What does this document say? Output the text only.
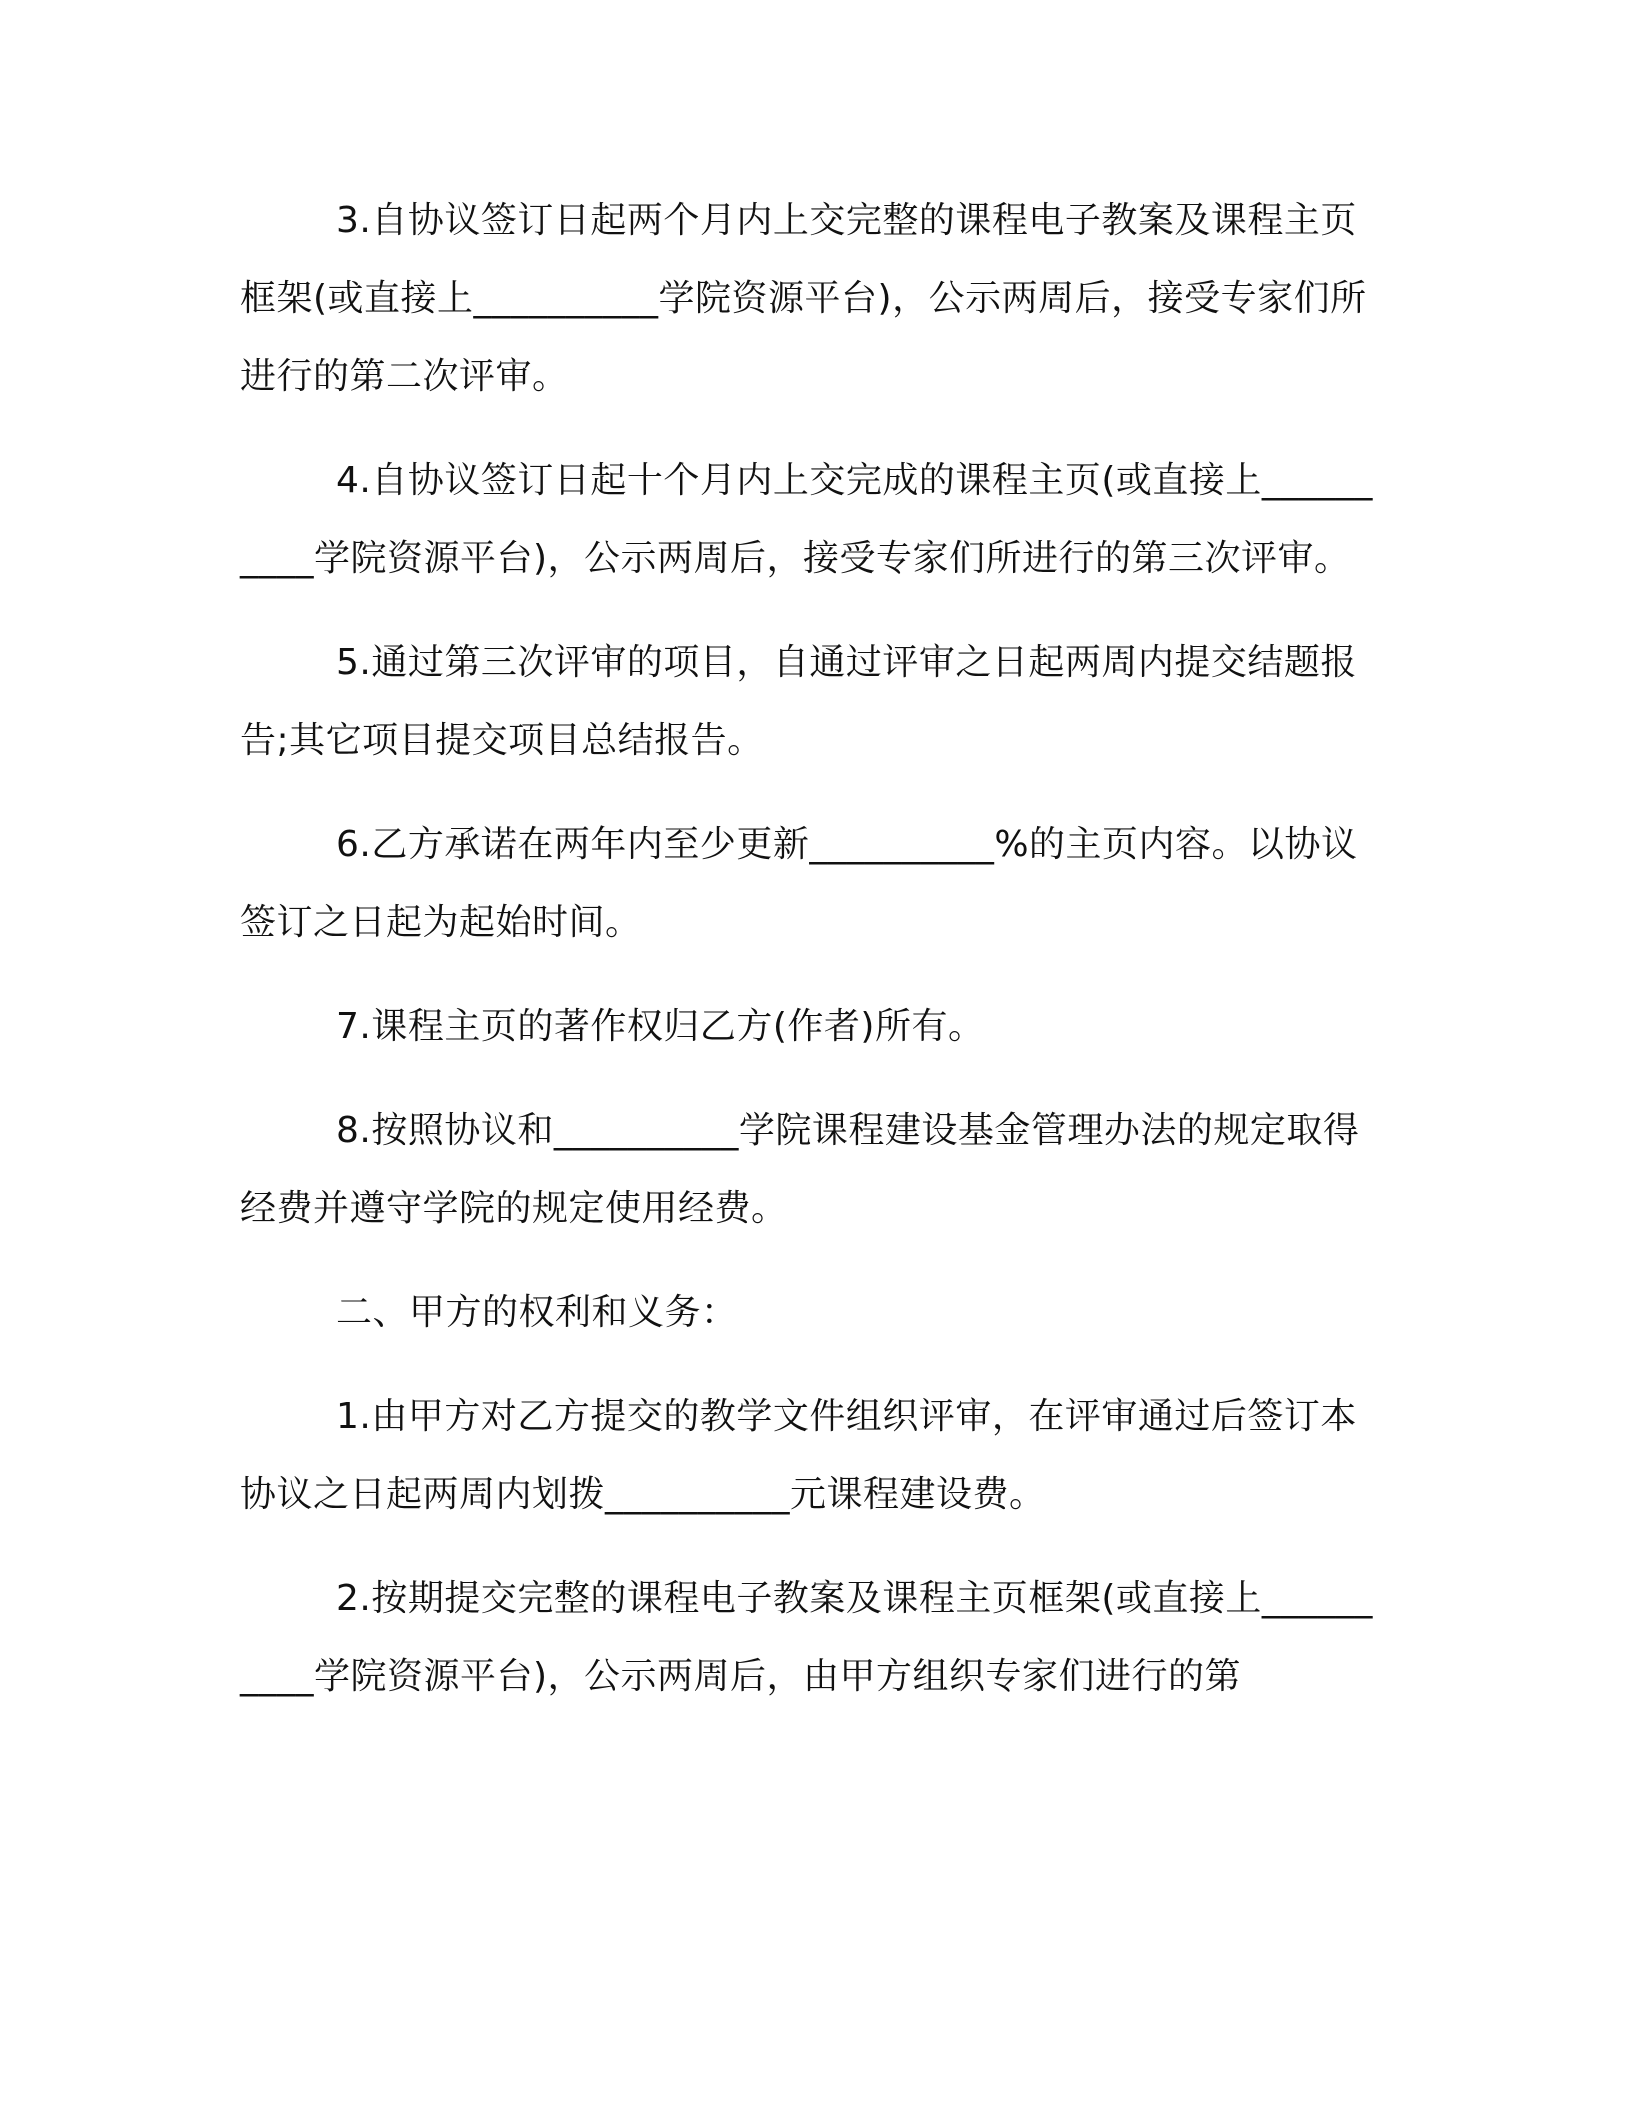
3.自协议签订日起两个月内上交完整的课程电子教案及课程主页框架(或直接上__________学院资源平台)，公示两周后，接受专家们所进行的第二次评审。

4.自协议签订日起十个月内上交完成的课程主页(或直接上__________学院资源平台)，公示两周后，接受专家们所进行的第三次评审。

5.通过第三次评审的项目，自通过评审之日起两周内提交结题报告;其它项目提交项目总结报告。

6.乙方承诺在两年内至少更新__________%的主页内容。以协议签订之日起为起始时间。

7.课程主页的著作权归乙方(作者)所有。

8.按照协议和__________学院课程建设基金管理办法的规定取得经费并遵守学院的规定使用经费。

二、甲方的权利和义务：

1.由甲方对乙方提交的教学文件组织评审，在评审通过后签订本协议之日起两周内划拨__________元课程建设费。

2.按期提交完整的课程电子教案及课程主页框架(或直接上__________学院资源平台)，公示两周后，由甲方组织专家们进行的第
